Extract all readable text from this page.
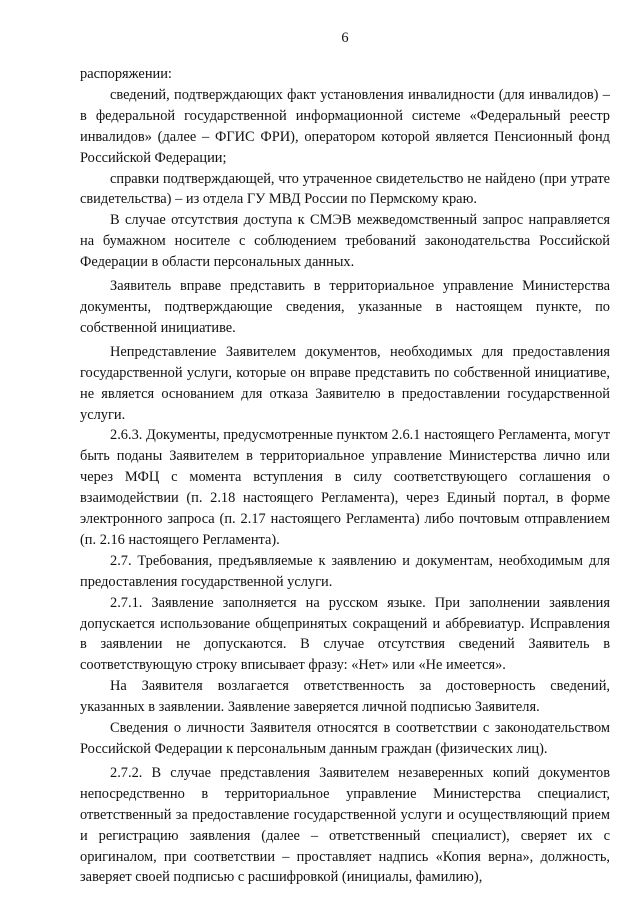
6

распоряжении:

сведений, подтверждающих факт установления инвалидности (для инвалидов) – в федеральной государственной информационной системе «Федеральный реестр инвалидов» (далее – ФГИС ФРИ), оператором которой является Пенсионный фонд Российской Федерации;

справки подтверждающей, что утраченное свидетельство не найдено (при утрате свидетельства) – из отдела ГУ МВД России по Пермскому краю.

В случае отсутствия доступа к СМЭВ межведомственный запрос направляется на бумажном носителе с соблюдением требований законодательства Российской Федерации в области персональных данных.

Заявитель вправе представить в территориальное управление Министерства документы, подтверждающие сведения, указанные в настоящем пункте, по собственной инициативе.

Непредставление Заявителем документов, необходимых для предоставления государственной услуги, которые он вправе представить по собственной инициативе, не является основанием для отказа Заявителю в предоставлении государственной услуги.

2.6.3. Документы, предусмотренные пунктом 2.6.1 настоящего Регламента, могут быть поданы Заявителем в территориальное управление Министерства лично или через МФЦ с момента вступления в силу соответствующего соглашения о взаимодействии (п. 2.18 настоящего Регламента), через Единый портал, в форме электронного запроса (п. 2.17 настоящего Регламента) либо почтовым отправлением (п. 2.16 настоящего Регламента).

2.7. Требования, предъявляемые к заявлению и документам, необходимым для предоставления государственной услуги.

2.7.1. Заявление заполняется на русском языке. При заполнении заявления допускается использование общепринятых сокращений и аббревиатур. Исправления в заявлении не допускаются. В случае отсутствия сведений Заявитель в соответствующую строку вписывает фразу: «Нет» или «Не имеется».

На Заявителя возлагается ответственность за достоверность сведений, указанных в заявлении. Заявление заверяется личной подписью Заявителя.

Сведения о личности Заявителя относятся в соответствии с законодательством Российской Федерации к персональным данным граждан (физических лиц).

2.7.2. В случае представления Заявителем незаверенных копий документов непосредственно в территориальное управление Министерства специалист, ответственный за предоставление государственной услуги и осуществляющий прием и регистрацию заявления (далее – ответственный специалист), сверяет их с оригиналом, при соответствии – проставляет надпись «Копия верна», должность, заверяет своей подписью с расшифровкой (инициалы, фамилию),
